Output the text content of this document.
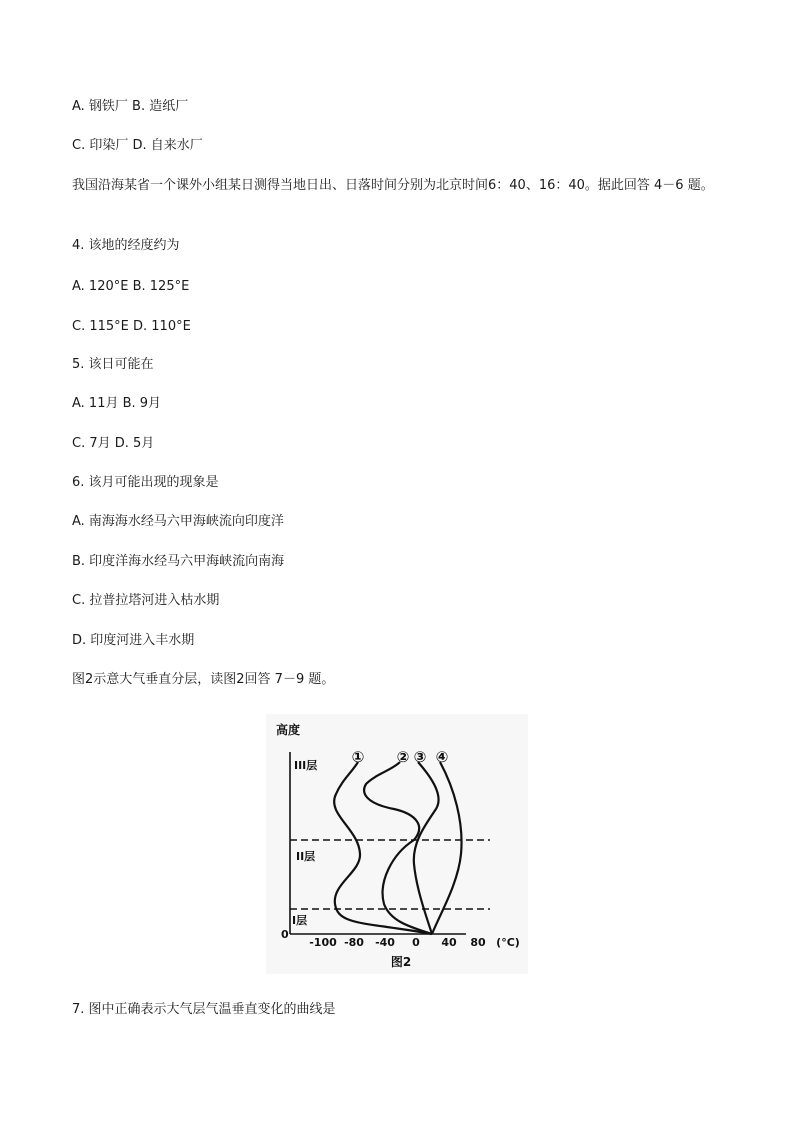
A. 钢铁厂 B. 造纸厂

C. 印染厂 D. 自来水厂

我国沿海某省一个课外小组某日测得当地日出、日落时间分别为北京时间6：40、16：40。据此回答 4－6 题。

4. 该地的经度约为

A. 120°E B. 125°E

C. 115°E D. 110°E

5. 该日可能在

A. 11月 B. 9月

C. 7月 D. 5月

6. 该月可能出现的现象是

A. 南海海水经马六甲海峡流向印度洋

B. 印度洋海水经马六甲海峡流向南海

C. 拉普拉塔河进入枯水期

D. 印度河进入丰水期

图2示意大气垂直分层，读图2回答 7－9 题。

高度
III层
II层
I层
0
-100 -80 -40 0 40 80 (°C)
① ② ③ ④
图2

7. 图中正确表示大气层气温垂直变化的曲线是
